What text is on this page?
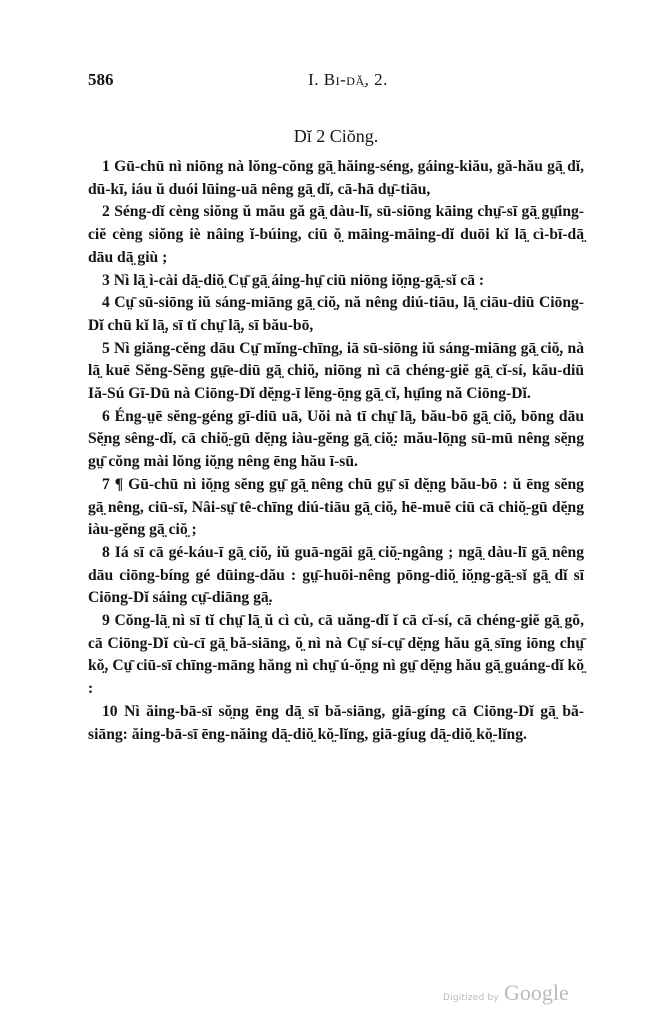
586	I. Bi-dă̤, 2.
Dĭ 2 Ciŏng.

1 Gū-chū nì niōng nà lŏng-cŏng gā̤ hăing-séng, gáing-kiău, gă-hău gā̤ dĭ, dū-kī, iáu ŭ duói lūing-uā nêng gā̤ dĭ, cā-hā dṳ̄-tiāu,

2 Séng-dĭ cèng siŏng ŭ mău gă gā̤ dàu-lī, sū-siōng kāing chṳ̄-sī gā̤ gṳ̄ing-ciĕ cèng siŏng iè nâing ĭ-búing, ciū ŏ̤ māing-māing-dĭ duōi kĭ lā̤ cì-bī-dā̤ dāu dā̤ giù ;

3 Nì lā̤ ì-cài dā̤-diŏ̤ Cṳ̄ gā̤ áing-hṳ̄ ciū niōng iŏ̤ng-gā̤-sĭ cā :

4 Cṳ̄ sū-siōng iŭ sáng-miāng gā̤ ciŏ̤, nă nêng diú-tiāu, lā̤ ciāu-diū Ciōng-Dĭ chū kĭ lā̤, sī tĭ chṳ̄ lā̤, sī bău-bō,

5 Nì giăng-cĕng dāu Cṳ̄ mĭng-chīng, iā sū-siōng iŭ sáng-miāng gā̤ ciŏ̤, nà lā̤ kuē Sĕng-Sĕng gṳ̄e-diū gā̤ chiŏ̤, niōng nì cā chéng-giĕ gā̤ cĭ-sí, kău-diū Iă-Sú Gī-Dū nà Ciōng-Dĭ dĕ̤ng-ī lĕng-ō̤ng gā̤ cĭ, hṳ̄ing nă Ciōng-Dĭ.

6 Éng-ṳē sĕng-géng gī-diū uā, Uŏi nà tī chṳ̄ lā̤, bău-bō gā̤ ciŏ̤, bōng dāu Sĕ̤ng sêng-dĭ, cā chiŏ̤-gū dĕ̤ng iàu-gĕng gā̤ ciŏ̤: mău-lō̤ng sū-mū nêng sĕ̤ng gṳ̄ cŏng mài lŏng iŏ̤ng nêng ēng hău ī-sū.

7 ¶ Gū-chū nì iŏ̤ng sĕng gṳ̄ gā̤ nêng chū gṳ̄ sī dĕ̤ng bău-bō : ŭ ēng sĕng gā̤ nêng, ciū-sī, Nâi-sṳ̄ tê-chīng diú-tiāu gā̤ ciŏ̤, hē-muĕ ciū cā chiŏ̤-gū dĕ̤ng iàu-gĕng gā̤ ciŏ̤ ;

8 Iá sī cā gé-káu-ī gā̤ ciŏ̤, iŭ guā-ngāi gā̤ ciŏ̤-ngâng ; ngā̤ dàu-lī gā̤ nêng dāu ciōng-bíng gé dūing-dău : gṳ̄-huōi-nêng pōng-diŏ̤ iŏ̤ng-gā̤-sĭ gā̤ dĭ sī Ciōng-Dĭ sáing cṳ̄-diāng gā̤.

9 Cŏng-lā̤ nì sī tĭ chṳ̄ lā̤ ŭ cì cù, cā uăng-dĭ ĭ cā cĭ-sí, cā chéng-giĕ gā̤ gŏ, cā Ciōng-Dĭ cù-cī gā̤ bă-siāng, ŏ̤ nì nà Cṳ̄ sí-cṳ̄ dĕ̤ng hău gā̤ sīng iōng chṳ̄ kŏ̤, Cṳ̄ ciū-sī chīng-māng hăng nì chṳ̄ ú-ŏ̤ng nì gṳ̄ dĕ̤ng hău gā̤ guáng-dĭ kŏ̤ :

10 Nì ăing-bā-sī sŏ̤ng ēng dā̤ sī bă-siāng, giā-gíng cā Ciōng-Dĭ gā̤ bă-siāng: ăing-bā-sī ēng-năing dā̤-diŏ̤ kŏ̤-lĭng, giā-gíug dā̤-diŏ̤ kŏ̤-lĭng.

Digitized by Google
